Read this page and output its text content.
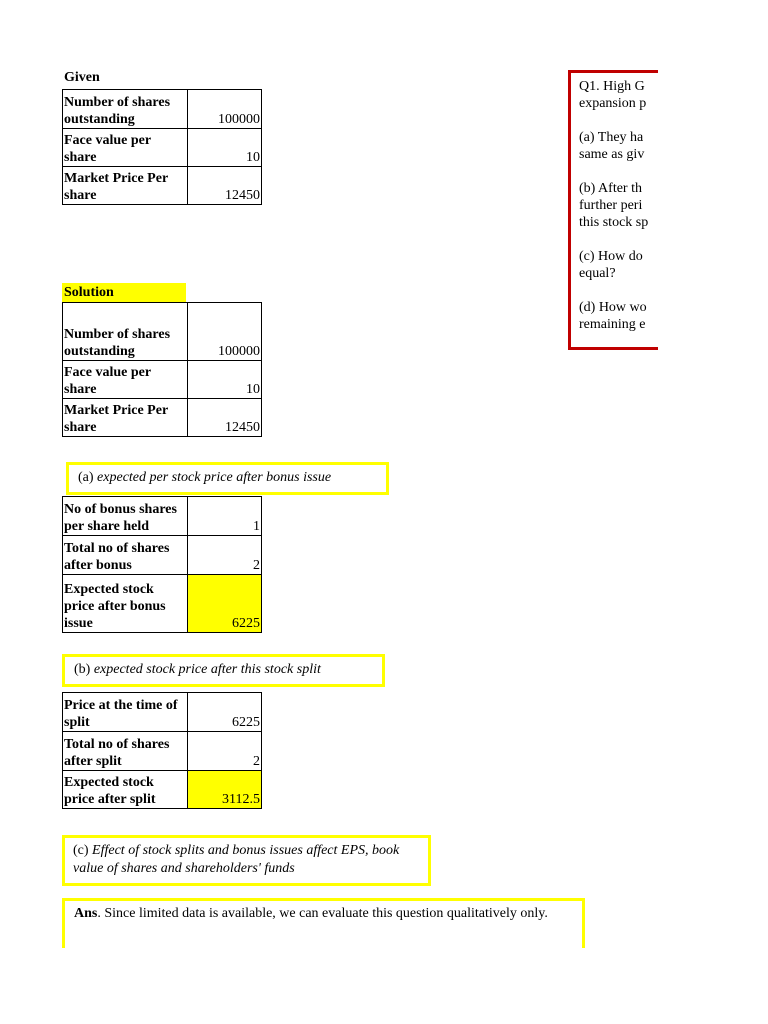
Given
Number of shares outstanding	100000
Face value per share	10
Market Price Per share	12450

Q1. High G expansion p

(a) They ha same as giv

(b) After th further peri this stock sp

(c) How do equal?

(d) How wo remaining e

Solution
Number of shares outstanding	100000
Face value per share	10
Market Price Per share	12450
(a) expected per stock price after bonus issue
No of bonus shares per share held	1
Total no of shares after bonus	2
Expected stock price after bonus issue	6225
(b) expected stock price after this stock split
Price at the time of split	6225
Total no of shares after split	2
Expected stock price after split	3112.5
(c) Effect of stock splits and bonus issues affect EPS, book value of shares and shareholders' funds
Ans. Since limited data is available, we can evaluate this question qualitatively only.
